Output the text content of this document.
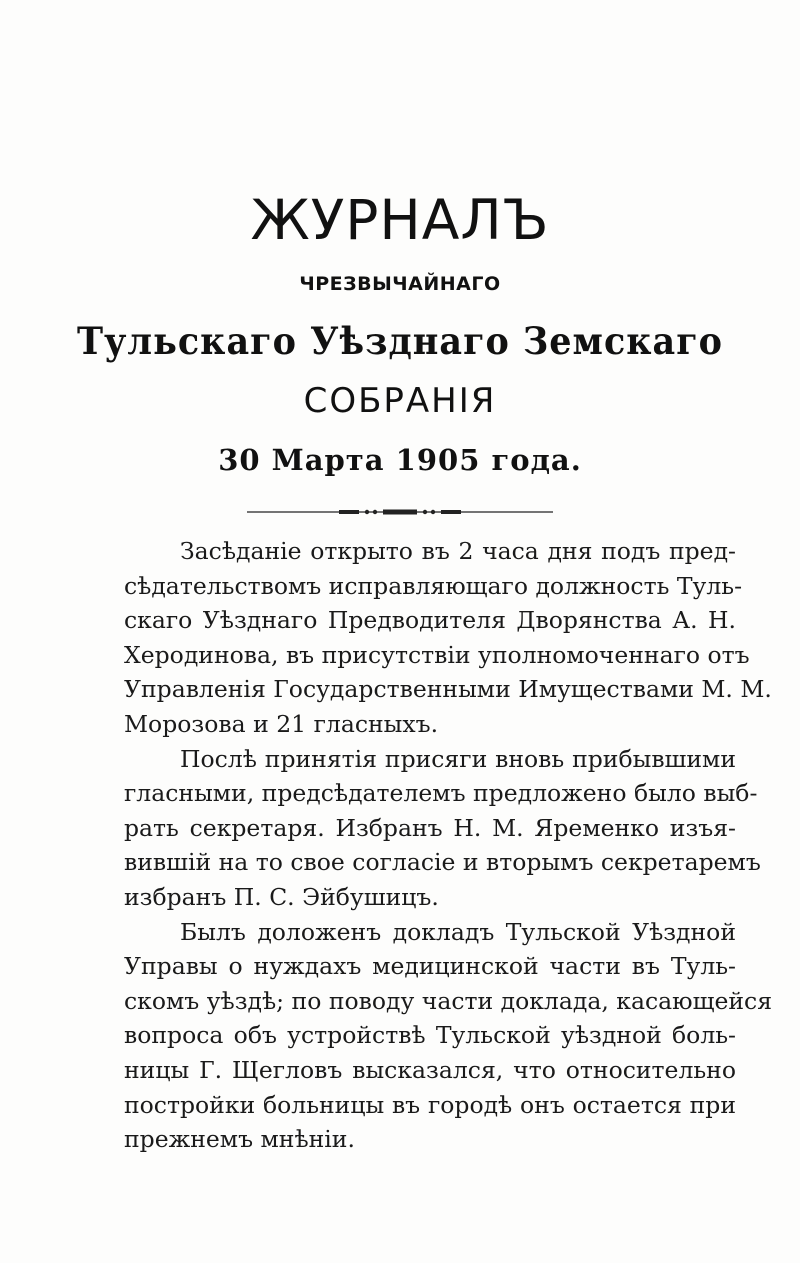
ЖУРНАЛЪ
ЧРЕЗВЫЧАЙНАГО
Тульскаго Уѣзднаго Земскаго
СОБРАНІЯ
30 Марта 1905 года.
Засѣданіе открыто въ 2 часа дня подъ пред-
сѣдательствомъ исправляющаго должность Туль-
скаго Уѣзднаго Предводителя Дворянства А. Н.
Херодинова, въ присутствіи уполномоченнаго отъ
Управленія Государственными Имуществами М. М.
Морозова и 21 гласныхъ.
Послѣ принятія присяги вновь прибывшими
гласными, предсѣдателемъ предложено было выб-
рать секретаря. Избранъ Н. М. Яременко изъя-
вившій на то свое согласіе и вторымъ секретаремъ
избранъ П. С. Эйбушицъ.
Былъ доложенъ докладъ Тульской Уѣздной
Управы о нуждахъ медицинской части въ Туль-
скомъ уѣздѣ; по поводу части доклада, касающейся
вопроса объ устройствѣ Тульской уѣздной боль-
ницы Г. Щегловъ высказался, что относительно
постройки больницы въ городѣ онъ остается при
прежнемъ мнѣніи.
